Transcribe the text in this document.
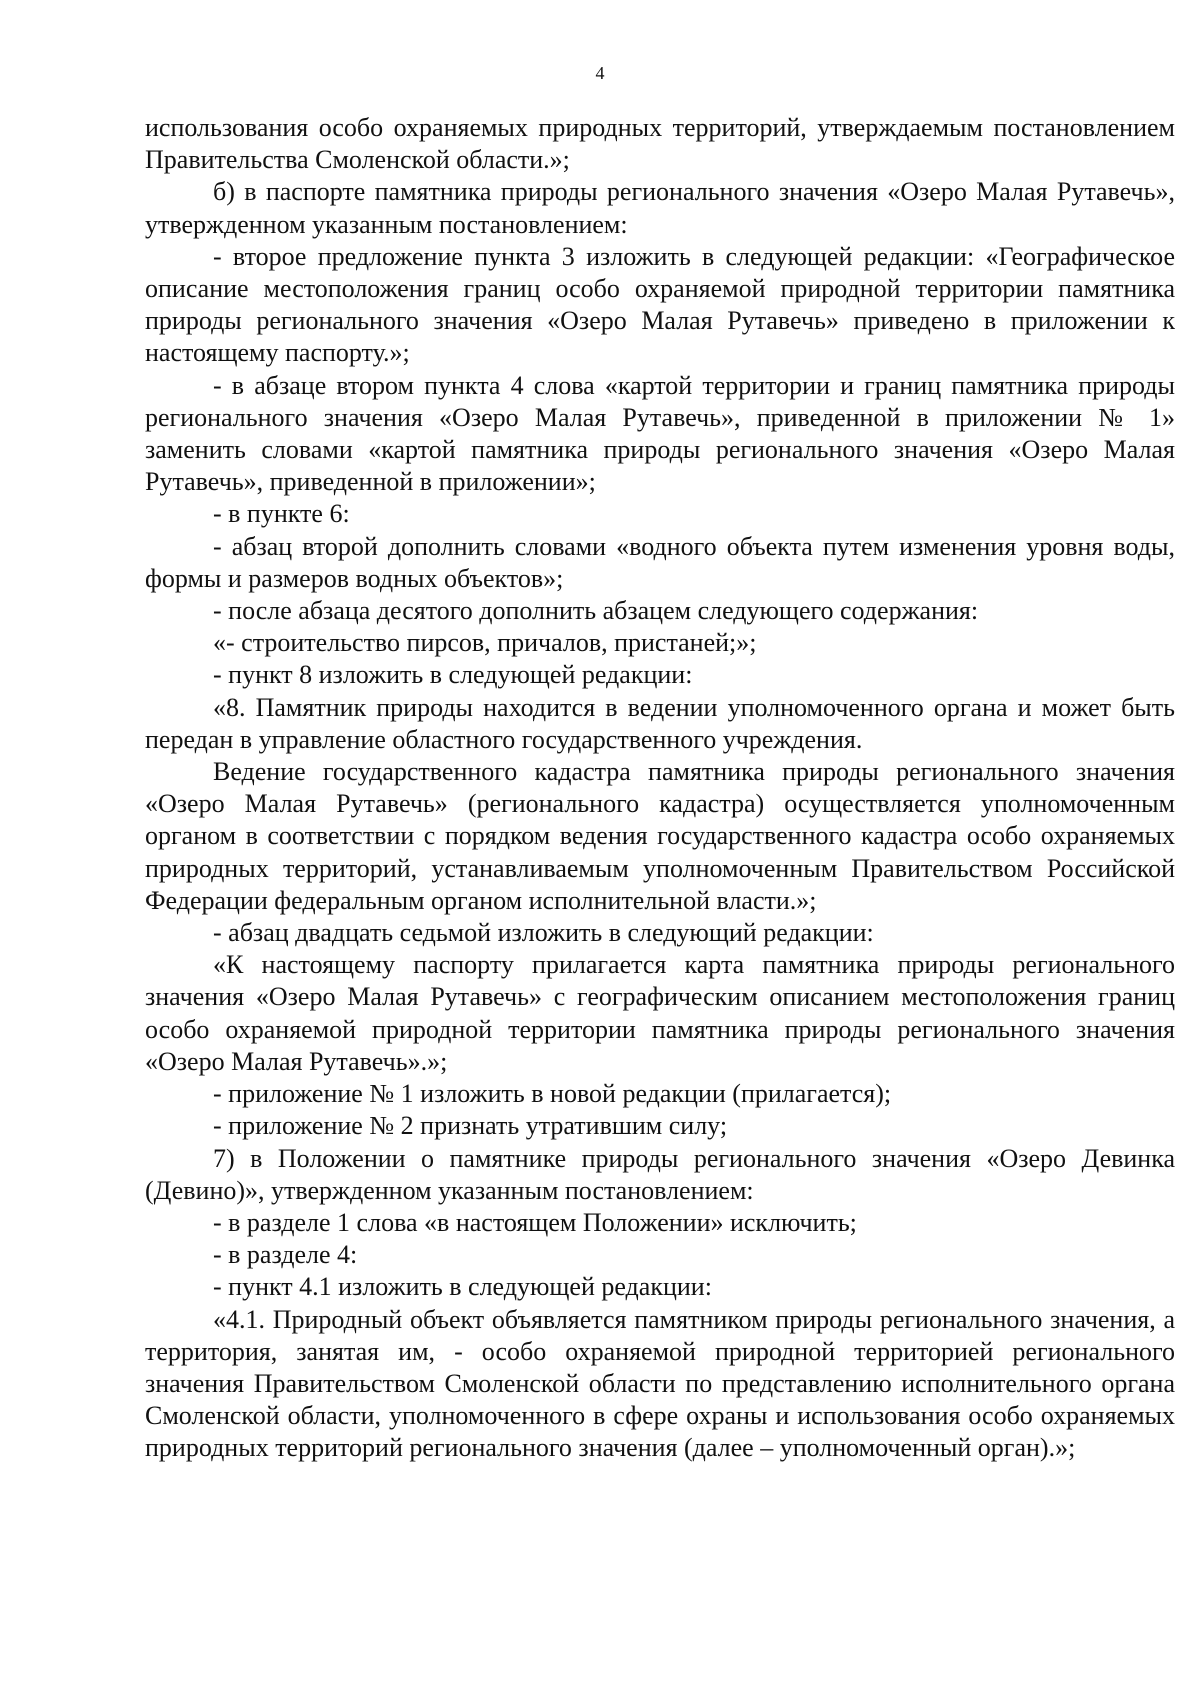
4

использования особо охраняемых природных территорий, утверждаемым постановлением Правительства Смоленской области.»;

б) в паспорте памятника природы регионального значения «Озеро Малая Рутавечь», утвержденном указанным постановлением:

- второе предложение пункта 3 изложить в следующей редакции: «Географическое описание местоположения границ особо охраняемой природной территории памятника природы регионального значения «Озеро Малая Рутавечь» приведено в приложении к настоящему паспорту.»;

- в абзаце втором пункта 4 слова «картой территории и границ памятника природы регионального значения «Озеро Малая Рутавечь», приведенной в приложении № 1» заменить словами «картой памятника природы регионального значения «Озеро Малая Рутавечь», приведенной в приложении»;

- в пункте 6:

- абзац второй дополнить словами «водного объекта путем изменения уровня воды, формы и размеров водных объектов»;

- после абзаца десятого дополнить абзацем следующего содержания:

«- строительство пирсов, причалов, пристаней;»;

- пункт 8 изложить в следующей редакции:

«8. Памятник природы находится в ведении уполномоченного органа и может быть передан в управление областного государственного учреждения.

Ведение государственного кадастра памятника природы регионального значения «Озеро Малая Рутавечь» (регионального кадастра) осуществляется уполномоченным органом в соответствии с порядком ведения государственного кадастра особо охраняемых природных территорий, устанавливаемым уполномоченным Правительством Российской Федерации федеральным органом исполнительной власти.»;

- абзац двадцать седьмой изложить в следующий редакции:

«К настоящему паспорту прилагается карта памятника природы регионального значения «Озеро Малая Рутавечь» с географическим описанием местоположения границ особо охраняемой природной территории памятника природы регионального значения «Озеро Малая Рутавечь».»;

- приложение № 1 изложить в новой редакции (прилагается);

- приложение № 2 признать утратившим силу;

7) в Положении о памятнике природы регионального значения «Озеро Девинка (Девино)», утвержденном указанным постановлением:

- в разделе 1 слова «в настоящем Положении» исключить;

- в разделе 4:

- пункт 4.1 изложить в следующей редакции:

«4.1. Природный объект объявляется памятником природы регионального значения, а территория, занятая им, - особо охраняемой природной территорией регионального значения Правительством Смоленской области по представлению исполнительного органа Смоленской области, уполномоченного в сфере охраны и использования особо охраняемых природных территорий регионального значения (далее – уполномоченный орган).»;
